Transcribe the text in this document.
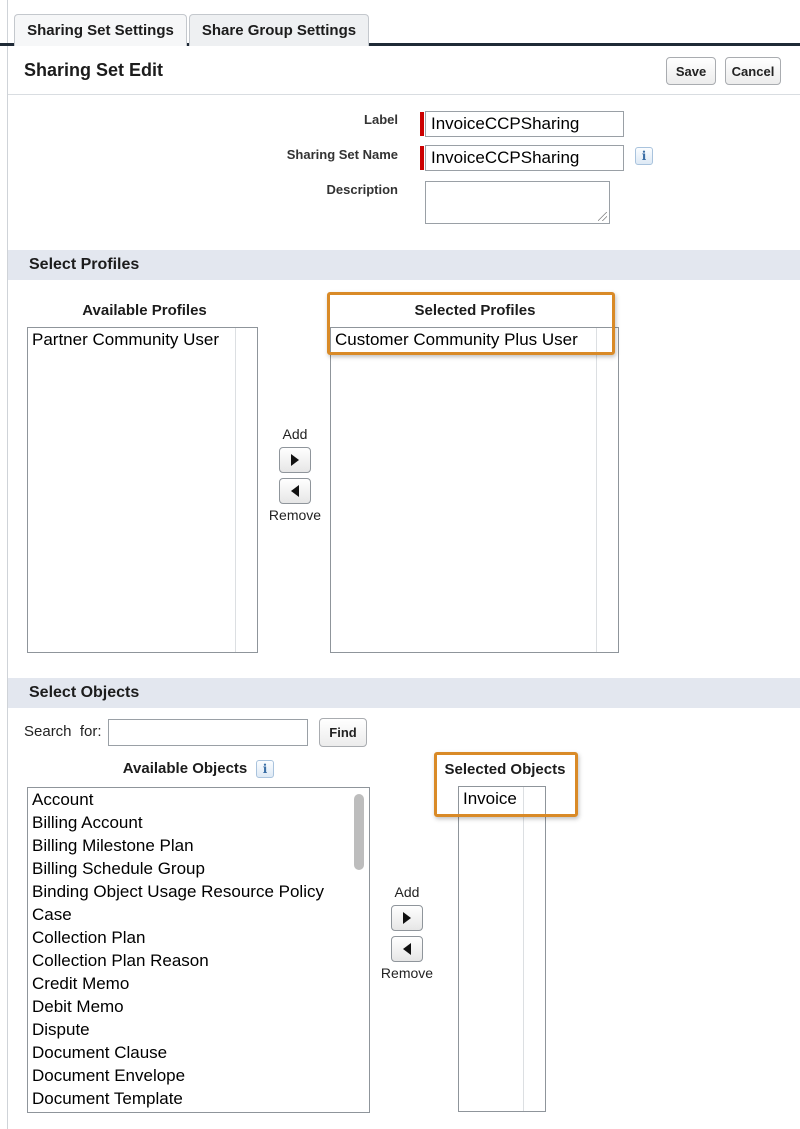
Sharing Set Settings	Share Group Settings
Sharing Set Edit	Save	Cancel
Label	InvoiceCCPSharing
Sharing Set Name	InvoiceCCPSharing	i
Description
Select Profiles
Available Profiles
Partner Community User
Add
Remove
Selected Profiles
Customer Community Plus User
Select Objects
Search  for:	Find
Available Objects	i
Account
Billing Account
Billing Milestone Plan
Billing Schedule Group
Binding Object Usage Resource Policy
Case
Collection Plan
Collection Plan Reason
Credit Memo
Debit Memo
Dispute
Document Clause
Document Envelope
Document Template
Add
Remove
Selected Objects
Invoice
